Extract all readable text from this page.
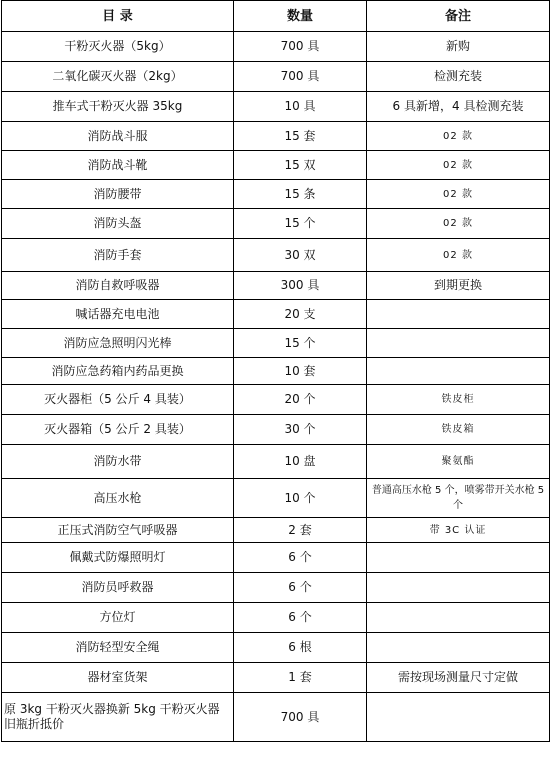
目 录	数量	备注
干粉灭火器（5kg）	700 具	新购
二氧化碳灭火器（2kg）	700 具	检测充装
推车式干粉灭火器 35kg	10 具	6 具新增，4 具检测充装
消防战斗服	15 套	02 款
消防战斗靴	15 双	02 款
消防腰带	15 条	02 款
消防头盔	15 个	02 款
消防手套	30 双	02 款
消防自救呼吸器	300 具	到期更换
喊话器充电电池	20 支	
消防应急照明闪光棒	15 个	
消防应急药箱内药品更换	10 套	
灭火器柜（5 公斤 4 具装）	20 个	铁皮柜
灭火器箱（5 公斤 2 具装）	30 个	铁皮箱
消防水带	10 盘	聚氨酯
高压水枪	10 个	普通高压水枪 5 个，喷雾带开关水枪 5 个
正压式消防空气呼吸器	2 套	带 3C 认证
佩戴式防爆照明灯	6 个	
消防员呼救器	6 个	
方位灯	6 个	
消防轻型安全绳	6 根	
器材室货架	1 套	需按现场测量尺寸定做
原 3kg 干粉灭火器换新 5kg 干粉灭火器旧瓶折抵价	700 具	
